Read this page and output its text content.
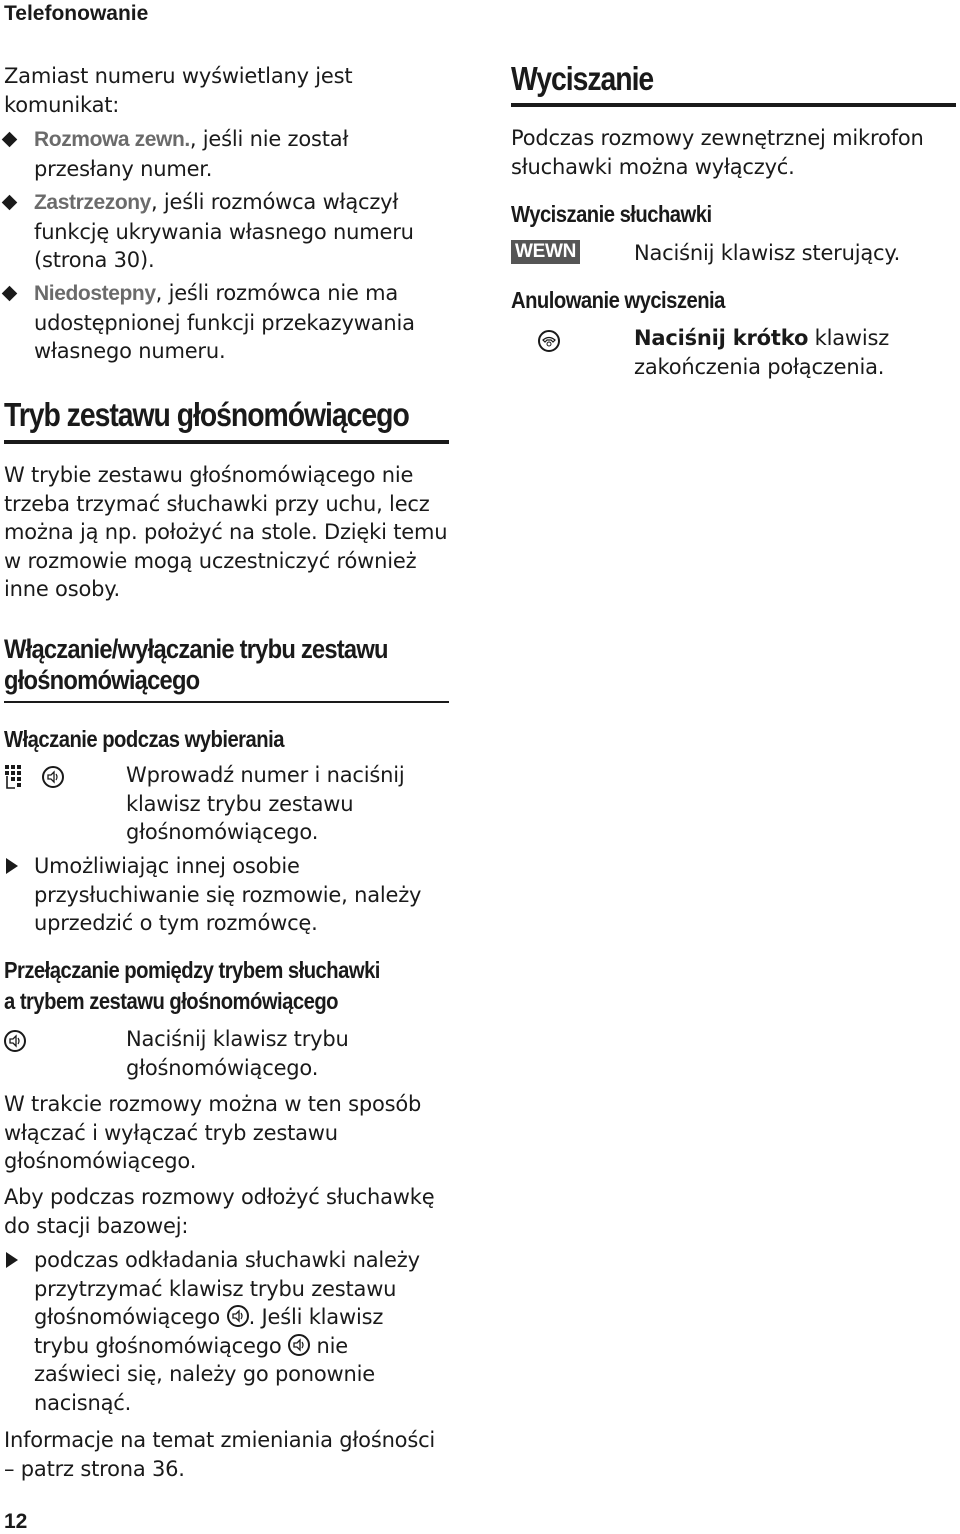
Telefonowanie
Zamiast numeru wyświetlany jest komunikat:
Rozmowa zewn., jeśli nie został
przesłany numer.
Zastrzezony, jeśli rozmówca włączył
funkcję ukrywania własnego numeru
(strona 30).
Niedostepny, jeśli rozmówca nie ma
udostępnionej funkcji przekazywania
własnego numeru.
Tryb zestawu głośnomówiącego
W trybie zestawu głośnomówiącego nie
trzeba trzymać słuchawki przy uchu, lecz
można ją np. położyć na stole. Dzięki temu
w rozmowie mogą uczestniczyć również
inne osoby.
Włączanie/wyłączanie trybu zestawu
głośnomówiącego
Włączanie podczas wybierania
Wprowadź numer i naciśnij
klawisz trybu zestawu
głośnomówiącego.
Umożliwiając innej osobie
przysłuchiwanie się rozmowie, należy
uprzedzić o tym rozmówcę.
Przełączanie pomiędzy trybem słuchawki
a trybem zestawu głośnomówiącego

Naciśnij klawisz trybu
głośnomówiącego.
W trakcie rozmowy można w ten sposób
włączać i wyłączać tryb zestawu
głośnomówiącego.
Aby podczas rozmowy odłożyć słuchawkę
do stacji bazowej:
podczas odkładania słuchawki należy
przytrzymać klawisz trybu zestawu
głośnomówiącego . Jeśli klawisz
trybu głośnomówiącego nie
zaświeci się, należy go ponownie
nacisnąć.
Informacje na temat zmieniania głośności
– patrz strona 36.
12
Wyciszanie
Podczas rozmowy zewnętrznej mikrofon
słuchawki można wyłączyć.
Wyciszanie słuchawki
WEWN	Naciśnij klawisz sterujący.
Anulowanie wyciszenia
Naciśnij krótko klawisz
zakończenia połączenia.
